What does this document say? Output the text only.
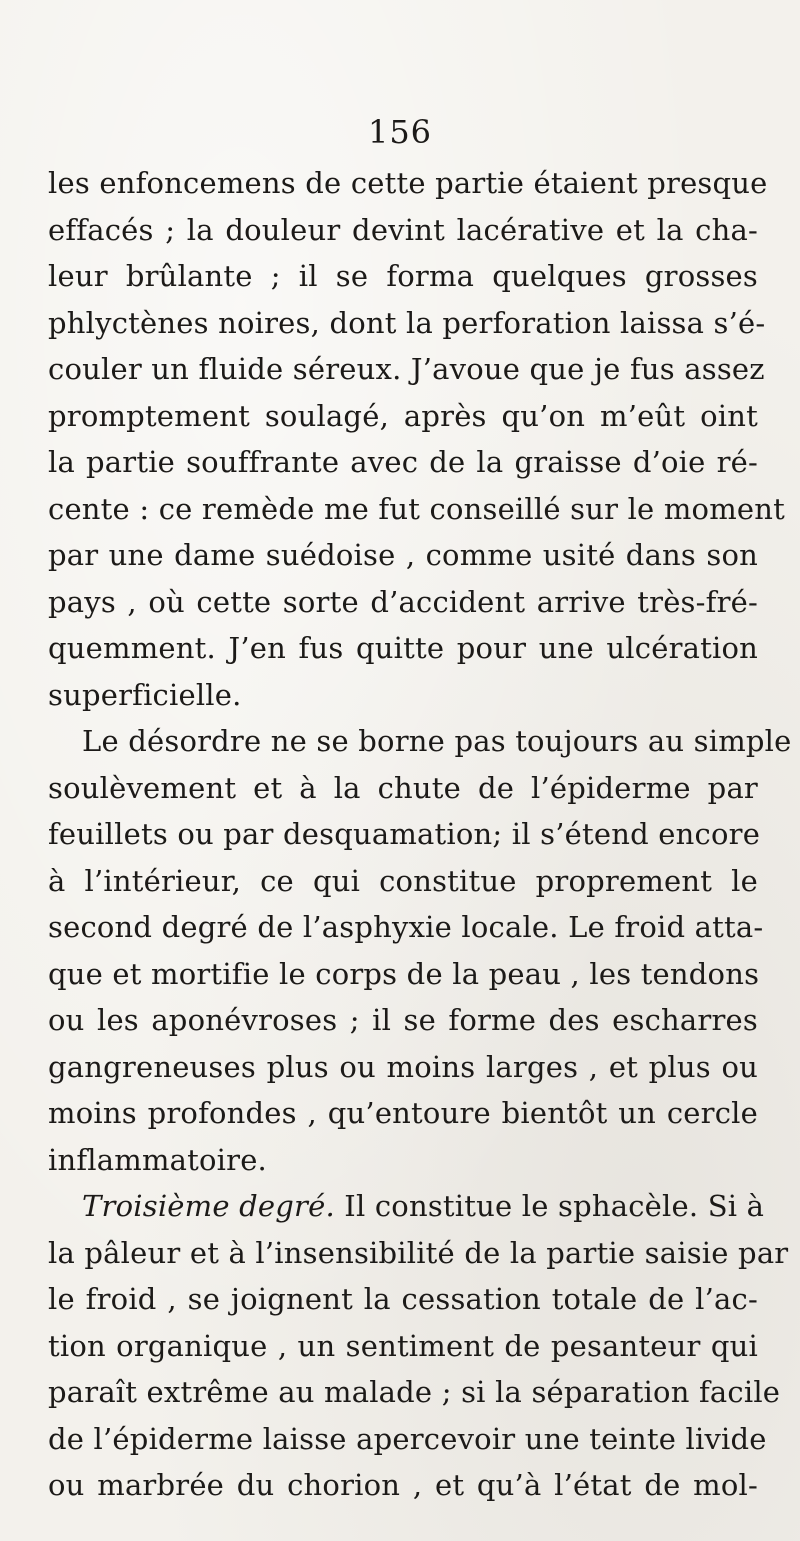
156
les enfoncemens de cette partie étaient presque
effacés ; la douleur devint lacérative et la cha-
leur brûlante ; il se forma quelques grosses
phlyctènes noires, dont la perforation laissa s’é-
couler un fluide séreux. J’avoue que je fus assez
promptement soulagé, après qu’on m’eût oint
la partie souffrante avec de la graisse d’oie ré-
cente : ce remède me fut conseillé sur le moment
par une dame suédoise , comme usité dans son
pays , où cette sorte d’accident arrive très-fré-
quemment. J’en fus quitte pour une ulcération
superficielle.
Le désordre ne se borne pas toujours au simple
soulèvement et à la chute de l’épiderme par
feuillets ou par desquamation; il s’étend encore
à l’intérieur, ce qui constitue proprement le
second degré de l’asphyxie locale. Le froid atta-
que et mortifie le corps de la peau , les tendons
ou les aponévroses ; il se forme des escharres
gangreneuses plus ou moins larges , et plus ou
moins profondes , qu’entoure bientôt un cercle
inflammatoire.
Troisième degré. Il constitue le sphacèle. Si à
la pâleur et à l’insensibilité de la partie saisie par
le froid , se joignent la cessation totale de l’ac-
tion organique , un sentiment de pesanteur qui
paraît extrême au malade ; si la séparation facile
de l’épiderme laisse apercevoir une teinte livide
ou marbrée du chorion , et qu’à l’état de mol-
